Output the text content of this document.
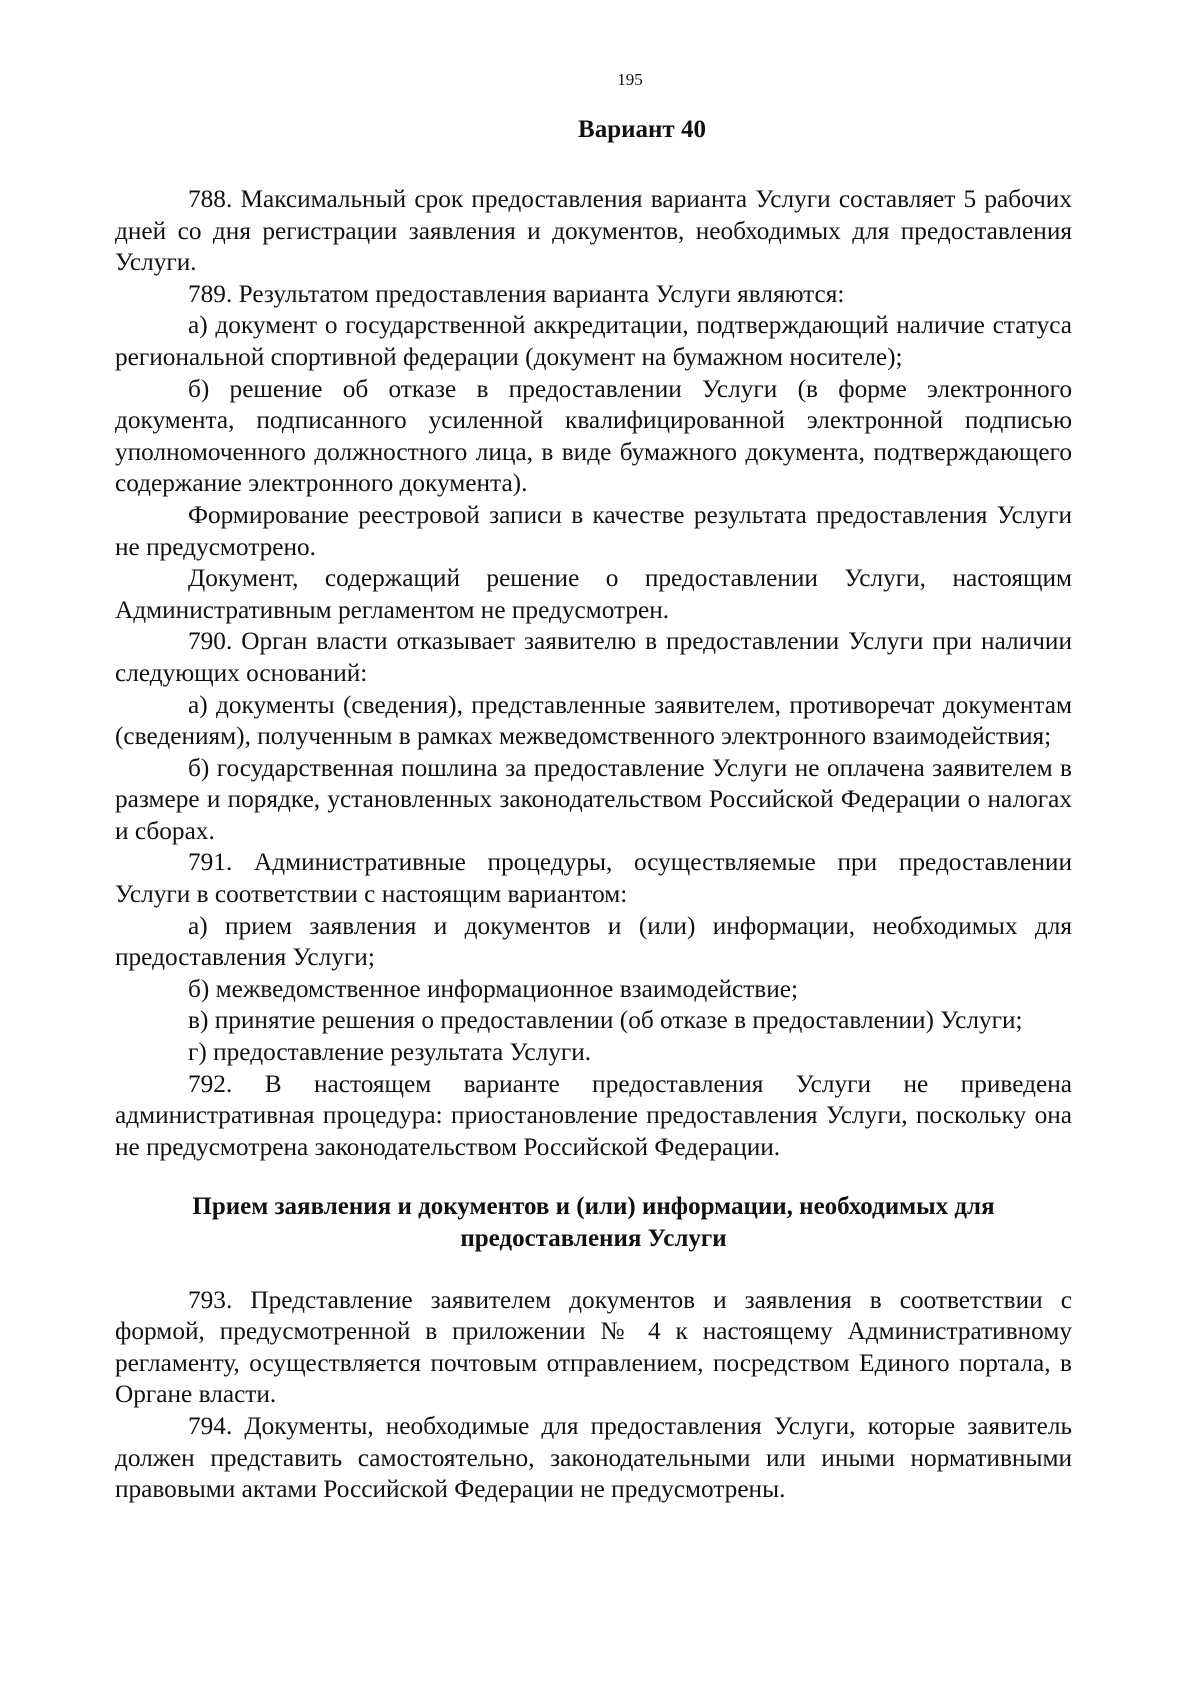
195
Вариант 40

788. Максимальный срок предоставления варианта Услуги составляет 5 рабочих дней со дня регистрации заявления и документов, необходимых для предоставления Услуги.

789. Результатом предоставления варианта Услуги являются:

а) документ о государственной аккредитации, подтверждающий наличие статуса региональной спортивной федерации (документ на бумажном носителе);

б) решение об отказе в предоставлении Услуги (в форме электронного документа, подписанного усиленной квалифицированной электронной подписью уполномоченного должностного лица, в виде бумажного документа, подтверждающего содержание электронного документа).

Формирование реестровой записи в качестве результата предоставления Услуги не предусмотрено.

Документ, содержащий решение о предоставлении Услуги, настоящим Административным регламентом не предусмотрен.

790. Орган власти отказывает заявителю в предоставлении Услуги при наличии следующих оснований:

а) документы (сведения), представленные заявителем, противоречат документам (сведениям), полученным в рамках межведомственного электронного взаимодействия;

б) государственная пошлина за предоставление Услуги не оплачена заявителем в размере и порядке, установленных законодательством Российской Федерации о налогах и сборах.

791. Административные процедуры, осуществляемые при предоставлении Услуги в соответствии с настоящим вариантом:

а) прием заявления и документов и (или) информации, необходимых для предоставления Услуги;

б) межведомственное информационное взаимодействие;

в) принятие решения о предоставлении (об отказе в предоставлении) Услуги;

г) предоставление результата Услуги.

792. В настоящем варианте предоставления Услуги не приведена административная процедура: приостановление предоставления Услуги, поскольку она не предусмотрена законодательством Российской Федерации.

Прием заявления и документов и (или) информации, необходимых для предоставления Услуги

793. Представление заявителем документов и заявления в соответствии с формой, предусмотренной в приложении № 4 к настоящему Административному регламенту, осуществляется почтовым отправлением, посредством Единого портала, в Органе власти.

794. Документы, необходимые для предоставления Услуги, которые заявитель должен представить самостоятельно, законодательными или иными нормативными правовыми актами Российской Федерации не предусмотрены.
